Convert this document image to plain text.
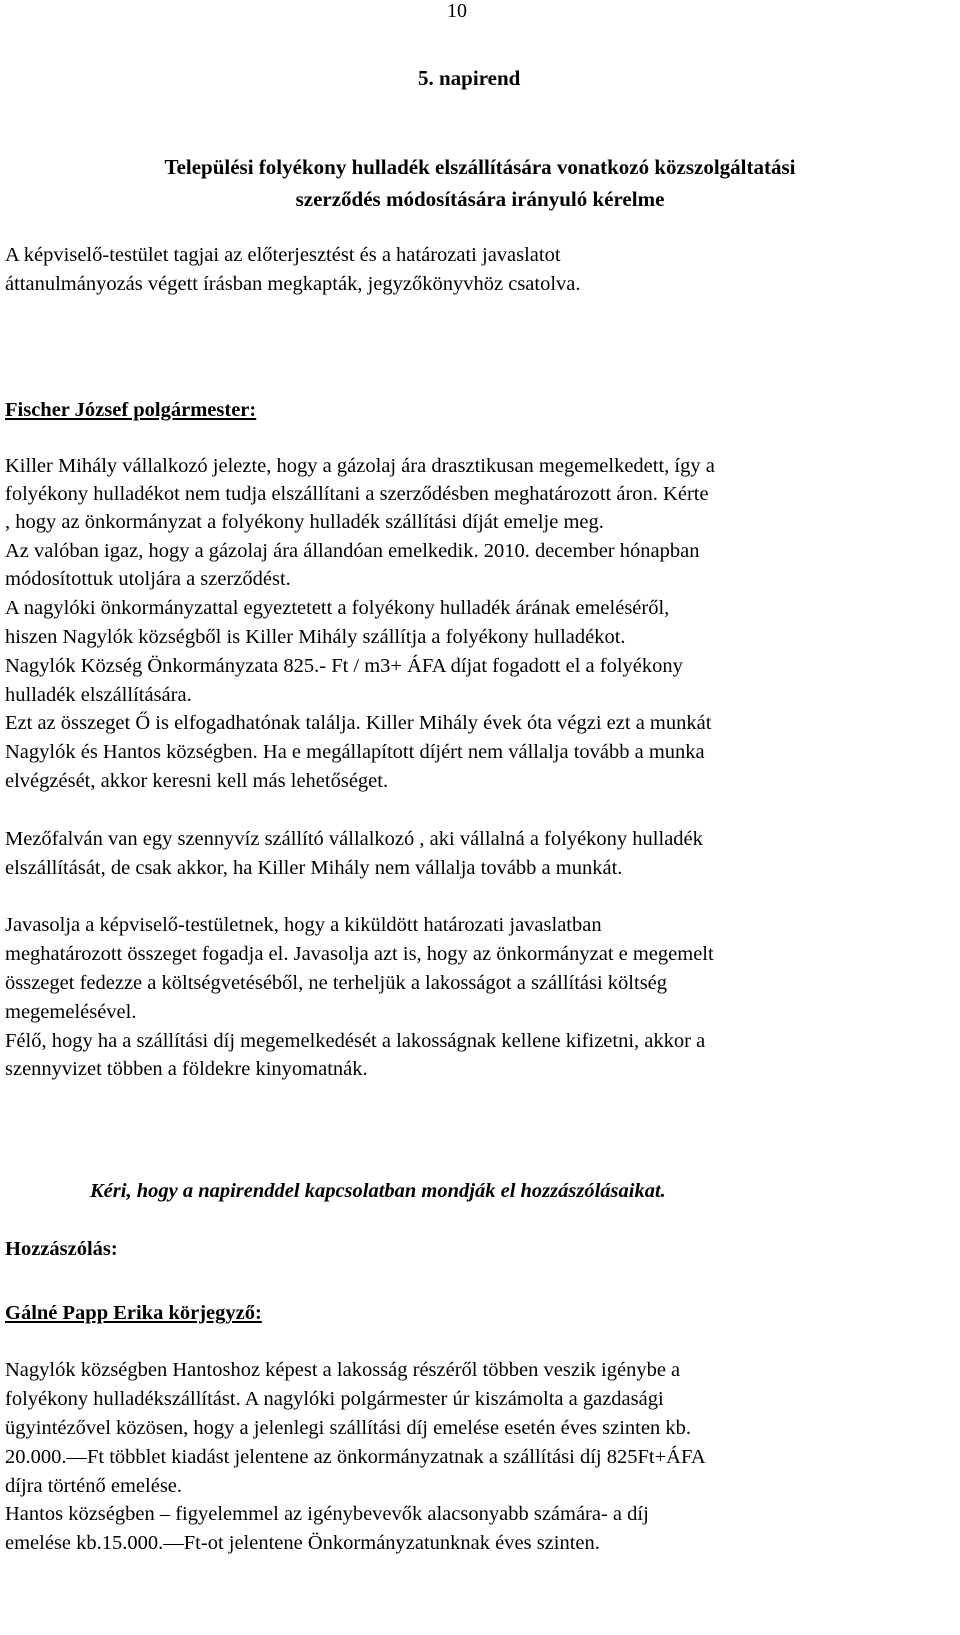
10
5. napirend
Települési folyékony hulladék elszállítására vonatkozó közszolgáltatási
szerződés módosítására irányuló kérelme
A képviselő-testület tagjai az előterjesztést és a határozati javaslatot
áttanulmányozás végett írásban megkapták, jegyzőkönyvhöz csatolva.
Fischer József polgármester:
Killer Mihály vállalkozó jelezte, hogy a gázolaj ára drasztikusan megemelkedett, így a
folyékony hulladékot nem tudja elszállítani a szerződésben meghatározott áron. Kérte
, hogy az önkormányzat a folyékony hulladék szállítási díját emelje meg.
Az valóban igaz, hogy a gázolaj ára állandóan emelkedik. 2010. december hónapban
módosítottuk utoljára a szerződést.
A nagylóki önkormányzattal egyeztetett a folyékony hulladék árának emeléséről,
hiszen Nagylók községből is Killer Mihály szállítja a folyékony hulladékot.
Nagylók Község Önkormányzata 825.- Ft / m3+ ÁFA díjat fogadott el a folyékony
hulladék elszállítására.
Ezt az összeget Ő is elfogadhatónak találja. Killer Mihály évek óta végzi ezt a munkát
Nagylók és Hantos községben. Ha e megállapított díjért nem vállalja tovább a munka
elvégzését, akkor keresni kell más lehetőséget.
Mezőfalván van egy szennyvíz szállító vállalkozó , aki vállalná a folyékony hulladék
elszállítását, de csak akkor, ha Killer Mihály nem vállalja tovább a munkát.
Javasolja a képviselő-testületnek, hogy a kiküldött határozati javaslatban
meghatározott összeget fogadja el. Javasolja azt is, hogy az önkormányzat e megemelt
összeget fedezze a költségvetéséből, ne terheljük a lakosságot a szállítási költség
megemelésével.
Félő, hogy ha a szállítási díj megemelkedését a lakosságnak kellene kifizetni, akkor a
szennyvizet többen a földekre kinyomatnák.
Kéri, hogy a napirenddel kapcsolatban mondják el hozzászólásaikat.
Hozzászólás:
Gálné Papp Erika körjegyző:
Nagylók községben Hantoshoz képest a lakosság részéről többen veszik igénybe a
folyékony hulladékszállítást. A nagylóki polgármester úr kiszámolta a gazdasági
ügyintézővel közösen, hogy a jelenlegi szállítási díj emelése esetén éves szinten kb.
20.000.—Ft többlet kiadást jelentene az önkormányzatnak a szállítási díj 825Ft+ÁFA
díjra történő emelése.
Hantos községben – figyelemmel az igénybevevők alacsonyabb számára- a díj
emelése kb.15.000.—Ft-ot jelentene Önkormányzatunknak éves szinten.
